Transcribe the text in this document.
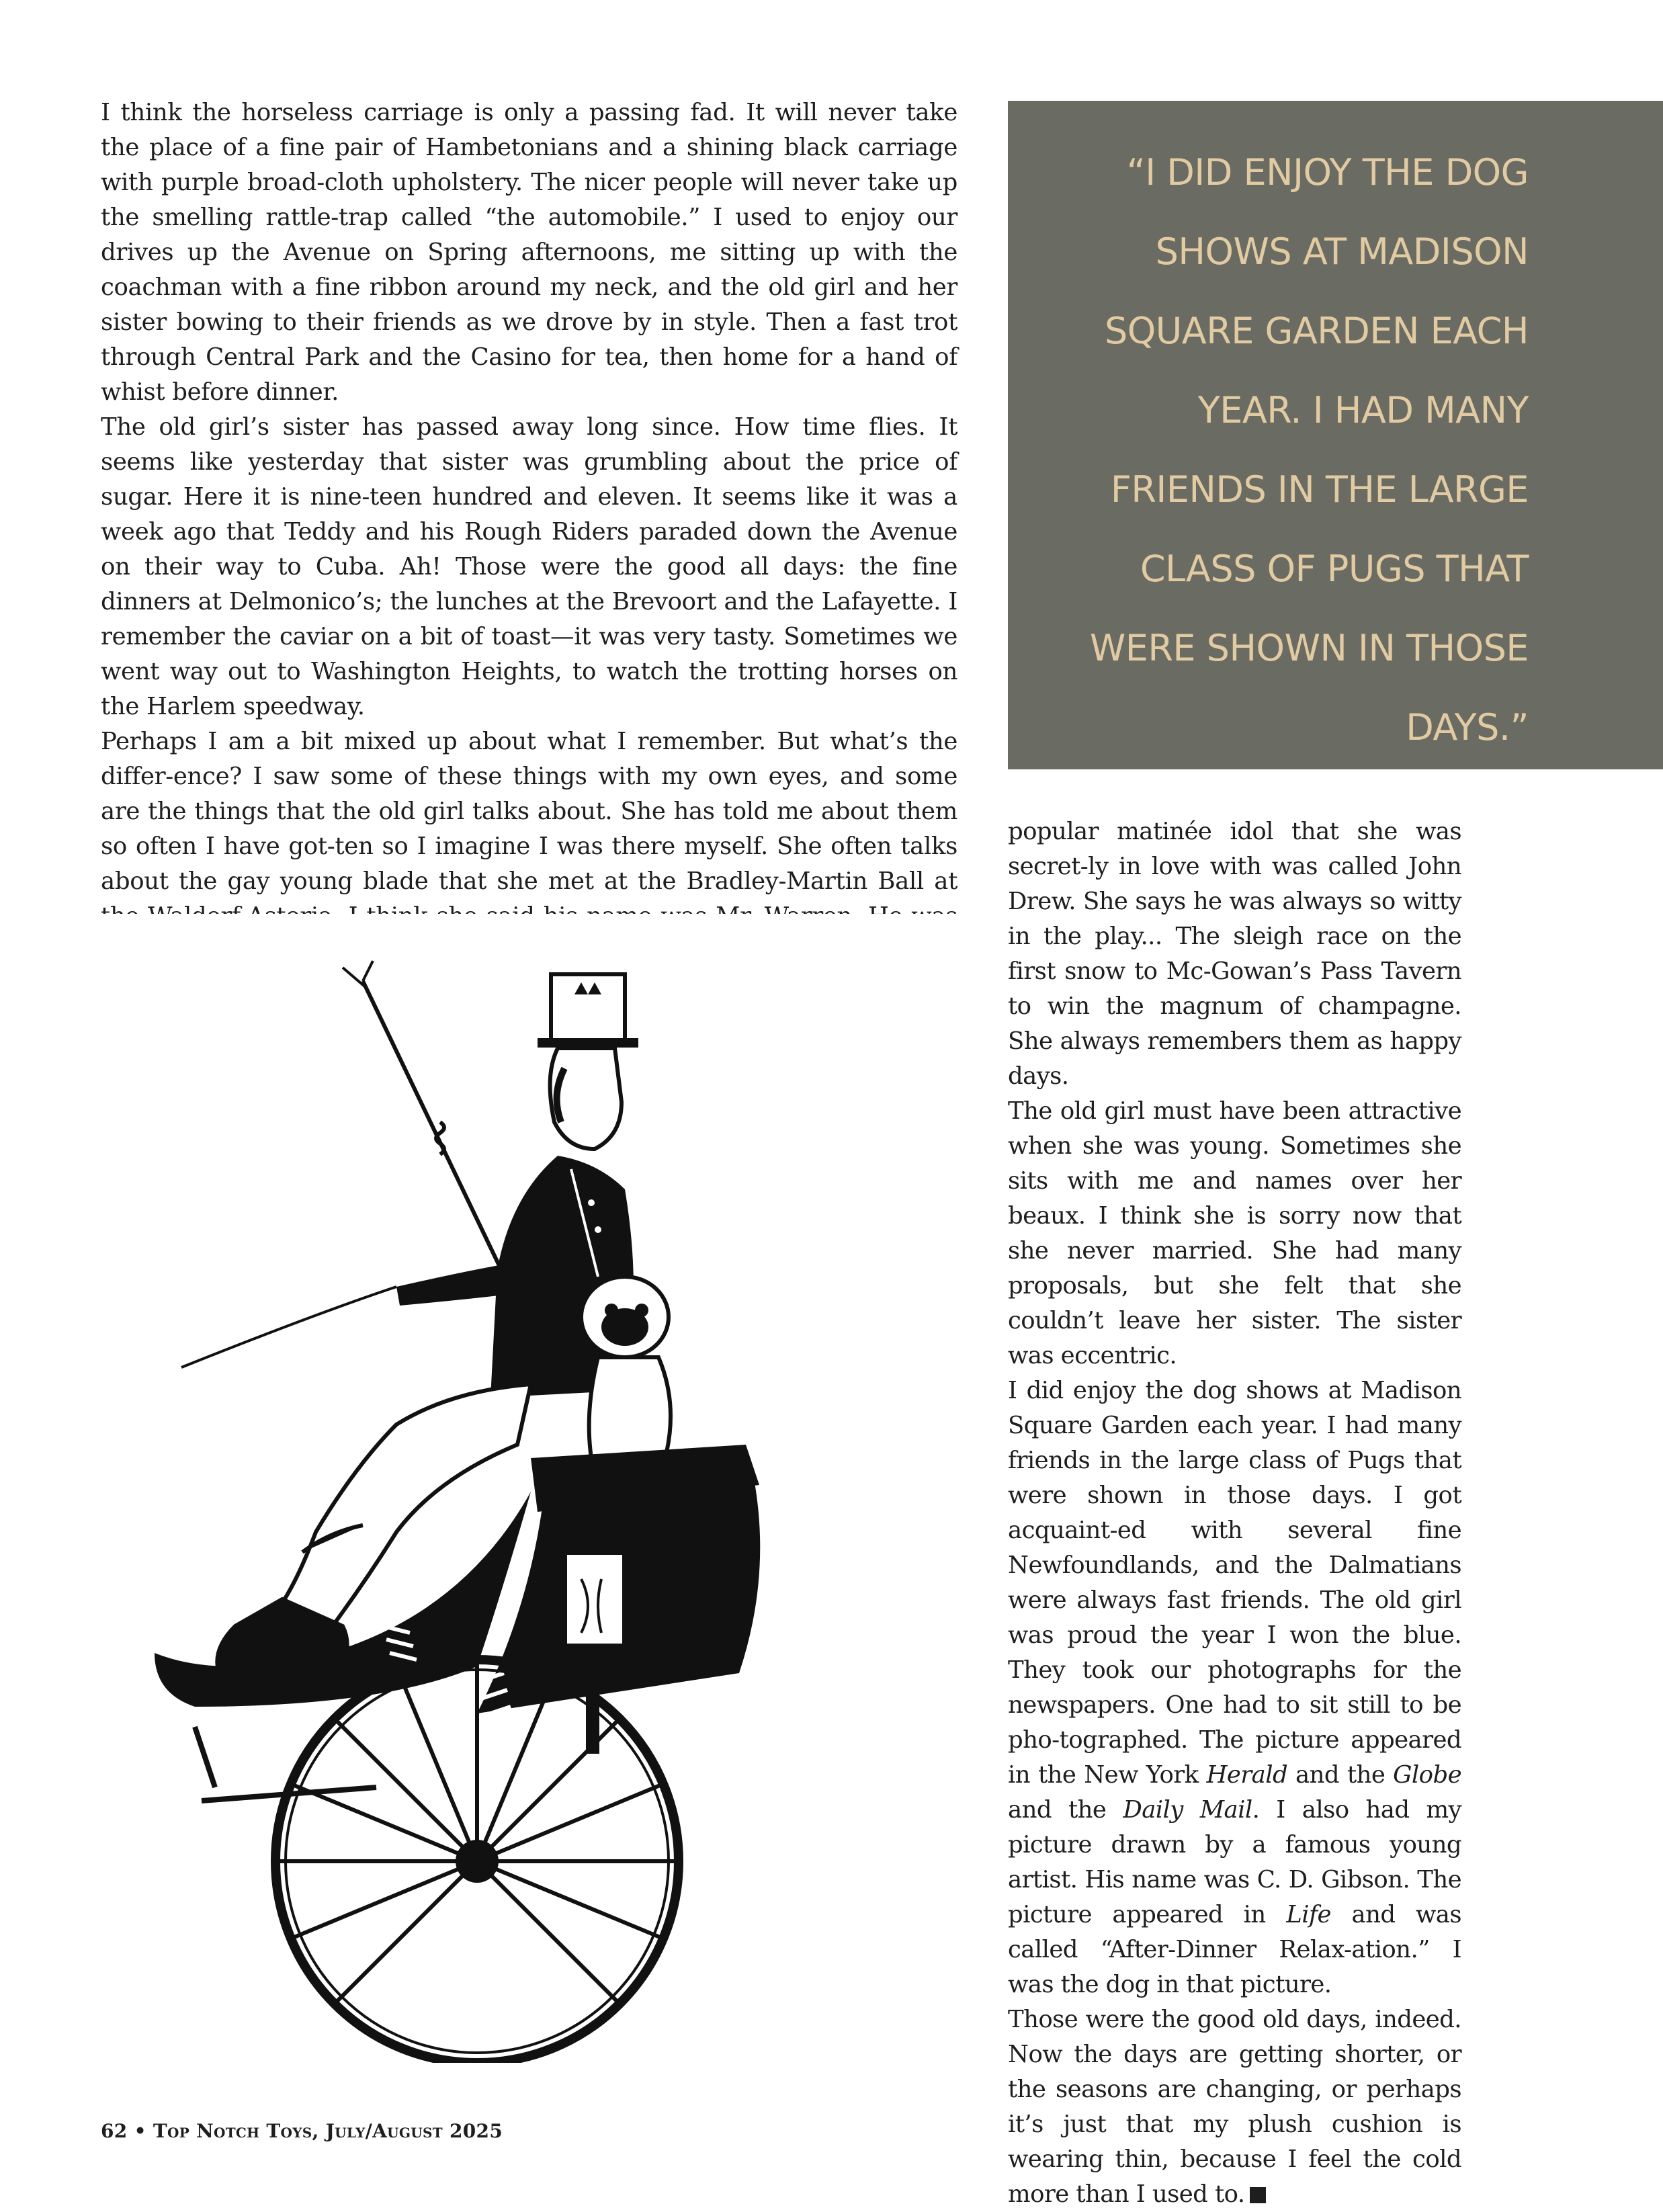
I think the horseless carriage is only a passing fad. It will never take the place of a fine pair of Hambetonians and a shining black carriage with purple broad-cloth upholstery. The nicer people will never take up the smelling rattle-trap called “the automobile.” I used to enjoy our drives up the Avenue on Spring afternoons, me sitting up with the coachman with a fine ribbon around my neck, and the old girl and her sister bowing to their friends as we drove by in style. Then a fast trot through Central Park and the Casino for tea, then home for a hand of whist before dinner.

The old girl’s sister has passed away long since. How time flies. It seems like yesterday that sister was grumbling about the price of sugar. Here it is nine-teen hundred and eleven. It seems like it was a week ago that Teddy and his Rough Riders paraded down the Avenue on their way to Cuba. Ah! Those were the good all days: the fine dinners at Delmonico’s; the lunches at the Brevoort and the Lafayette. I remember the caviar on a bit of toast—it was very tasty. Sometimes we went way out to Washington Heights, to watch the trotting horses on the Harlem speedway.

Perhaps I am a bit mixed up about what I remember. But what’s the differ-ence? I saw some of these things with my own eyes, and some are the things that the old girl talks about. She has told me about them so often I have got-ten so I imagine I was there myself. She often talks about the gay young blade that she met at the Bradley-Martin Ball at

“I DID ENJOY THE DOG SHOWS AT MADISON SQUARE GARDEN EACH YEAR. I HAD MANY FRIENDS IN THE LARGE CLASS OF PUGS THAT WERE SHOWN IN THOSE DAYS.”

popular matinée idol that she was secret-ly in love with was called John Drew. She says he was always so witty in the play... The sleigh race on the first snow to Mc-Gowan’s Pass Tavern to win the magnum of champagne. She always remembers them as happy days.

The old girl must have been attractive when she was young. Sometimes she sits with me and names over her beaux. I think she is sorry now that she never married. She had many proposals, but she felt that she couldn’t leave her sister. The sister was eccentric.

I did enjoy the dog shows at Madison Square Garden each year. I had many friends in the large class of Pugs that were shown in those days. I got acquaint-ed with several fine Newfoundlands, and the Dalmatians were always fast friends. The old girl was proud the year I won the blue. They took our photographs for the newspapers. One had to sit still to be pho-tographed. The picture appeared in the New York Herald and the Globe and the Daily Mail. I also had my picture drawn by a famous young artist. His name was C. D. Gibson. The picture appeared in Life and was called “After-Dinner Relax-ation.” I was the dog in that picture.

Those were the good old days, indeed. Now the days are getting shorter, or the seasons are changing, or perhaps it’s just that my plush cushion is wearing thin, because I feel the cold more than I used to.

62 • Top Notch Toys, July/August 2025
